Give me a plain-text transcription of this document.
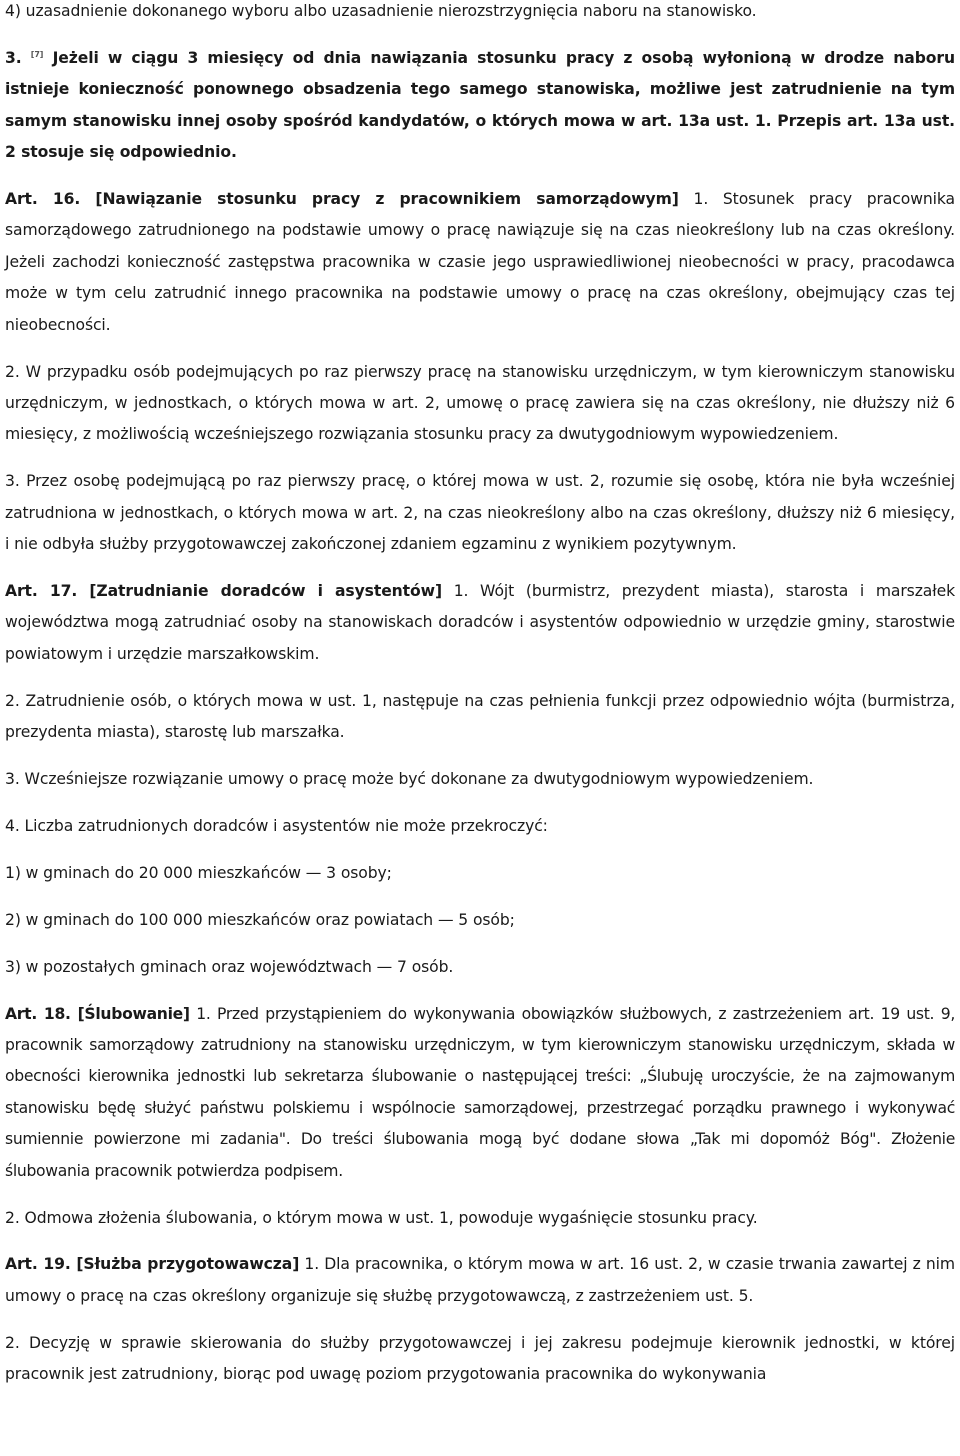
4) uzasadnienie dokonanego wyboru albo uzasadnienie nierozstrzygnięcia naboru na stanowisko.

3. [7] Jeżeli w ciągu 3 miesięcy od dnia nawiązania stosunku pracy z osobą wyłonioną w drodze naboru istnieje konieczność ponownego obsadzenia tego samego stanowiska, możliwe jest zatrudnienie na tym samym stanowisku innej osoby spośród kandydatów, o których mowa w art. 13a ust. 1. Przepis art. 13a ust. 2 stosuje się odpowiednio.

Art. 16. [Nawiązanie stosunku pracy z pracownikiem samorządowym] 1. Stosunek pracy pracownika samorządowego zatrudnionego na podstawie umowy o pracę nawiązuje się na czas nieokreślony lub na czas określony. Jeżeli zachodzi konieczność zastępstwa pracownika w czasie jego usprawiedliwionej nieobecności w pracy, pracodawca może w tym celu zatrudnić innego pracownika na podstawie umowy o pracę na czas określony, obejmujący czas tej nieobecności.

2. W przypadku osób podejmujących po raz pierwszy pracę na stanowisku urzędniczym, w tym kierowniczym stanowisku urzędniczym, w jednostkach, o których mowa w art. 2, umowę o pracę zawiera się na czas określony, nie dłuższy niż 6 miesięcy, z możliwością wcześniejszego rozwiązania stosunku pracy za dwutygodniowym wypowiedzeniem.

3. Przez osobę podejmującą po raz pierwszy pracę, o której mowa w ust. 2, rozumie się osobę, która nie była wcześniej zatrudniona w jednostkach, o których mowa w art. 2, na czas nieokreślony albo na czas określony, dłuższy niż 6 miesięcy, i nie odbyła służby przygotowawczej zakończonej zdaniem egzaminu z wynikiem pozytywnym.

Art. 17. [Zatrudnianie doradców i asystentów] 1. Wójt (burmistrz, prezydent miasta), starosta i marszałek województwa mogą zatrudniać osoby na stanowiskach doradców i asystentów odpowiednio w urzędzie gminy, starostwie powiatowym i urzędzie marszałkowskim.

2. Zatrudnienie osób, o których mowa w ust. 1, następuje na czas pełnienia funkcji przez odpowiednio wójta (burmistrza, prezydenta miasta), starostę lub marszałka.

3. Wcześniejsze rozwiązanie umowy o pracę może być dokonane za dwutygodniowym wypowiedzeniem.

4. Liczba zatrudnionych doradców i asystentów nie może przekroczyć:

1) w gminach do 20 000 mieszkańców — 3 osoby;

2) w gminach do 100 000 mieszkańców oraz powiatach — 5 osób;

3) w pozostałych gminach oraz województwach — 7 osób.

Art. 18. [Ślubowanie] 1. Przed przystąpieniem do wykonywania obowiązków służbowych, z zastrzeżeniem art. 19 ust. 9, pracownik samorządowy zatrudniony na stanowisku urzędniczym, w tym kierowniczym stanowisku urzędniczym, składa w obecności kierownika jednostki lub sekretarza ślubowanie o następującej treści: „Ślubuję uroczyście, że na zajmowanym stanowisku będę służyć państwu polskiemu i wspólnocie samorządowej, przestrzegać porządku prawnego i wykonywać sumiennie powierzone mi zadania". Do treści ślubowania mogą być dodane słowa „Tak mi dopomóż Bóg". Złożenie ślubowania pracownik potwierdza podpisem.

2. Odmowa złożenia ślubowania, o którym mowa w ust. 1, powoduje wygaśnięcie stosunku pracy.

Art. 19. [Służba przygotowawcza] 1. Dla pracownika, o którym mowa w art. 16 ust. 2, w czasie trwania zawartej z nim umowy o pracę na czas określony organizuje się służbę przygotowawczą, z zastrzeżeniem ust. 5.

2. Decyzję w sprawie skierowania do służby przygotowawczej i jej zakresu podejmuje kierownik jednostki, w której pracownik jest zatrudniony, biorąc pod uwagę poziom przygotowania pracownika do wykonywania
